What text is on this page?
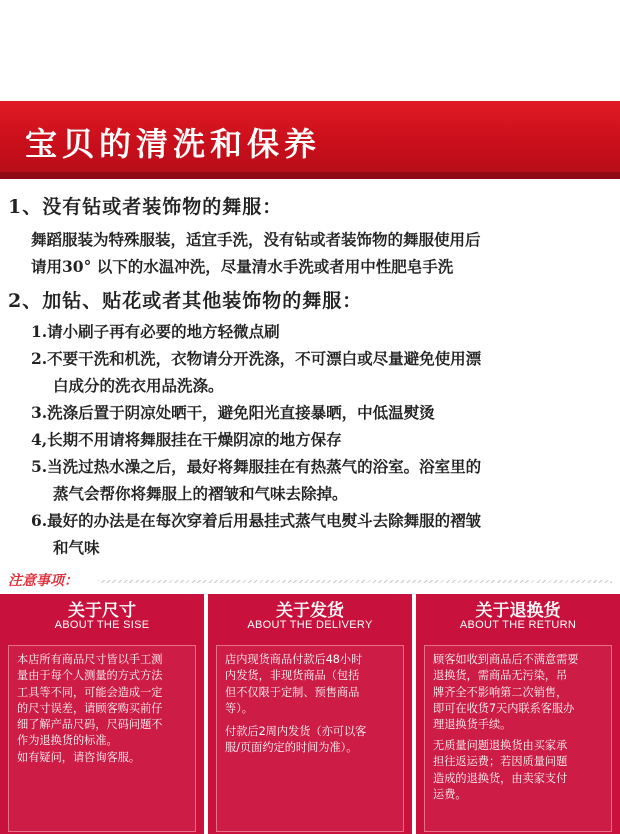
宝贝的清洗和保养
1、没有钻或者装饰物的舞服：

舞蹈服装为特殊服装，适宜手洗，没有钻或者装饰物的舞服使用后

请用30° 以下的水温冲洗，尽量清水手洗或者用中性肥皂手洗

2、加钻、贴花或者其他装饰物的舞服：

1.请小刷子再有必要的地方轻微点刷

2.不要干洗和机洗，衣物请分开洗涤，不可漂白或尽量避免使用漂

白成分的洗衣用品洗涤。

3.洗涤后置于阴凉处晒干，避免阳光直接暴晒，中低温熨烫

4,长期不用请将舞服挂在干燥阴凉的地方保存

5.当洗过热水澡之后，最好将舞服挂在有热蒸气的浴室。浴室里的

蒸气会帮你将舞服上的褶皱和气味去除掉。

6.最好的办法是在每次穿着后用悬挂式蒸气电熨斗去除舞服的褶皱

和气味

注意事项：
关于尺寸
ABOUT THE SISE

本店所有商品尺寸皆以手工测
量由于每个人测量的方式方法
工具等不同，可能会造成一定
的尺寸误差，请顾客购买前仔
细了解产品尺码，尺码问题不
作为退换货的标准。
如有疑问，请咨询客服。

关于发货
ABOUT THE DELIVERY

店内现货商品付款后48小时
内发货，非现货商品（包括
但不仅限于定制、预售商品
等）。

付款后2周内发货（亦可以客
服/页面约定的时间为准）。

关于退换货
ABOUT THE RETURN

顾客如收到商品后不满意需要
退换货，需商品无污染，吊
牌齐全不影响第二次销售，
即可在收货7天内联系客服办
理退换货手续。

无质量问题退换货由买家承
担往返运费；若因质量问题
造成的退换货，由卖家支付
运费。
